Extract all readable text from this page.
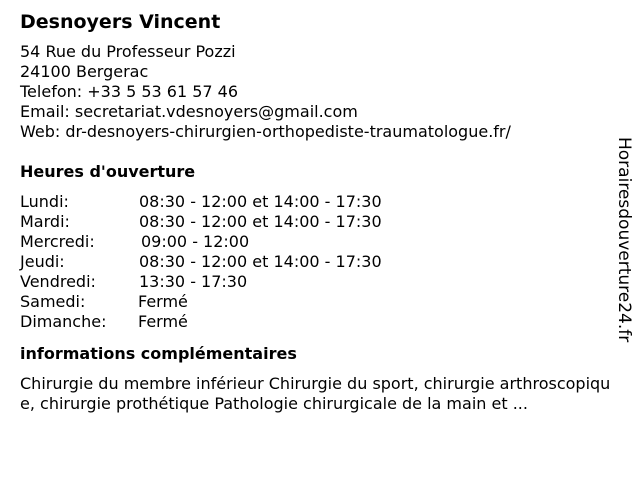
Desnoyers Vincent
54 Rue du Professeur Pozzi
24100 Bergerac
Telefon: +33 5 53 61 57 46
Email: secretariat.vdesnoyers@gmail.com
Web: dr-desnoyers-chirurgien-orthopediste-traumatologue.fr/
Heures d'ouverture
Lundi:	08:30 - 12:00 et 14:00 - 17:30
Mardi:	08:30 - 12:00 et 14:00 - 17:30
Mercredi:	09:00 - 12:00
Jeudi:	08:30 - 12:00 et 14:00 - 17:30
Vendredi:	13:30 - 17:30
Samedi:	Fermé
Dimanche: Fermé
informations complémentaires

Chirurgie du membre inférieur Chirurgie du sport, chirurgie arthroscopique, chirurgie prothétique Pathologie chirurgicale de la main et ...

Horairesdouverture24.fr
